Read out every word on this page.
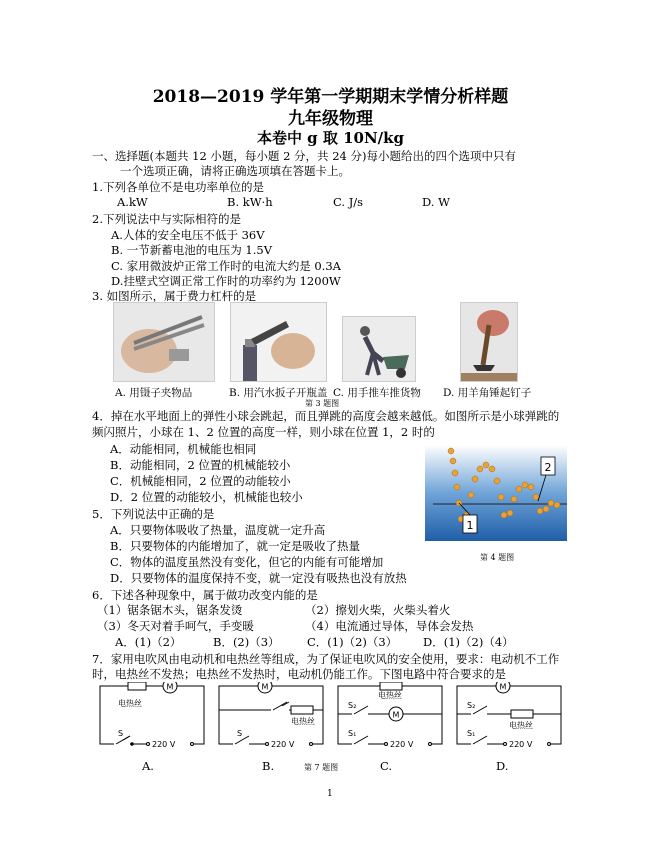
2018—2019 学年第一学期期末学情分析样题
九年级物理
本卷中 g 取 10N/kg
一、选择题(本题共 12 小题，每小题 2 分，共 24 分)每小题给出的四个选项中只有
一个选项正确，请将正确选项填在答题卡上。
1.下列各单位不是电功率单位的是
A.kW	B. kW·h	C. J/s	D. W
2.下列说法中与实际相符的是
A.人体的安全电压不低于 36V
B. 一节新蓄电池的电压为 1.5V
C. 家用微波炉正常工作时的电流大约是 0.3A
D.挂壁式空调正常工作时的功率约为 1200W
3. 如图所示，属于费力杠杆的是
A. 用镊子夹物品	B. 用汽水扳子开瓶盖 C. 用手推车推货物 D. 用羊角锤起钉子
第 3 题图
4．掉在水平地面上的弹性小球会跳起，而且弹跳的高度会越来越低。如图所示是小球弹跳的
频闪照片，小球在 1、2 位置的高度一样，则小球在位置 1，2 时的
A．动能相同，机械能也相同
B．动能相同，2 位置的机械能较小
C．机械能相同，2 位置的动能较小
D．2 位置的动能较小，机械能也较小
1
2
第 4 题图
5．下列说法中正确的是
A．只要物体吸收了热量，温度就一定升高
B．只要物体的内能增加了，就一定是吸收了热量
C．物体的温度虽然没有变化，但它的内能有可能增加
D．只要物体的温度保持不变，就一定没有吸热也没有放热
6．下述各种现象中，属于做功改变内能的是
（1）锯条锯木头，锯条发烫	（2）擦划火柴，火柴头着火
（3）冬天对着手呵气，手变暖	（4）电流通过导体，导体会发热
A．(1)（2）	B．(2)（3） C．(1)（2)（3） D．(1)（2)（4）
7．家用电吹风由电动机和电热丝等组成，为了保证电吹风的安全使用，要求：电动机不工作
时，电热丝不发热；电热丝不发热时，电动机仍能工作。下图电路中符合要求的是
M
电热丝
S
220 V
M
电热丝
S
220 V
电热丝
S₂
M
S₁
220 V
M
S₂
电热丝
S₁
220 V
A.	B.	第 7 题图	C.	D.
1
